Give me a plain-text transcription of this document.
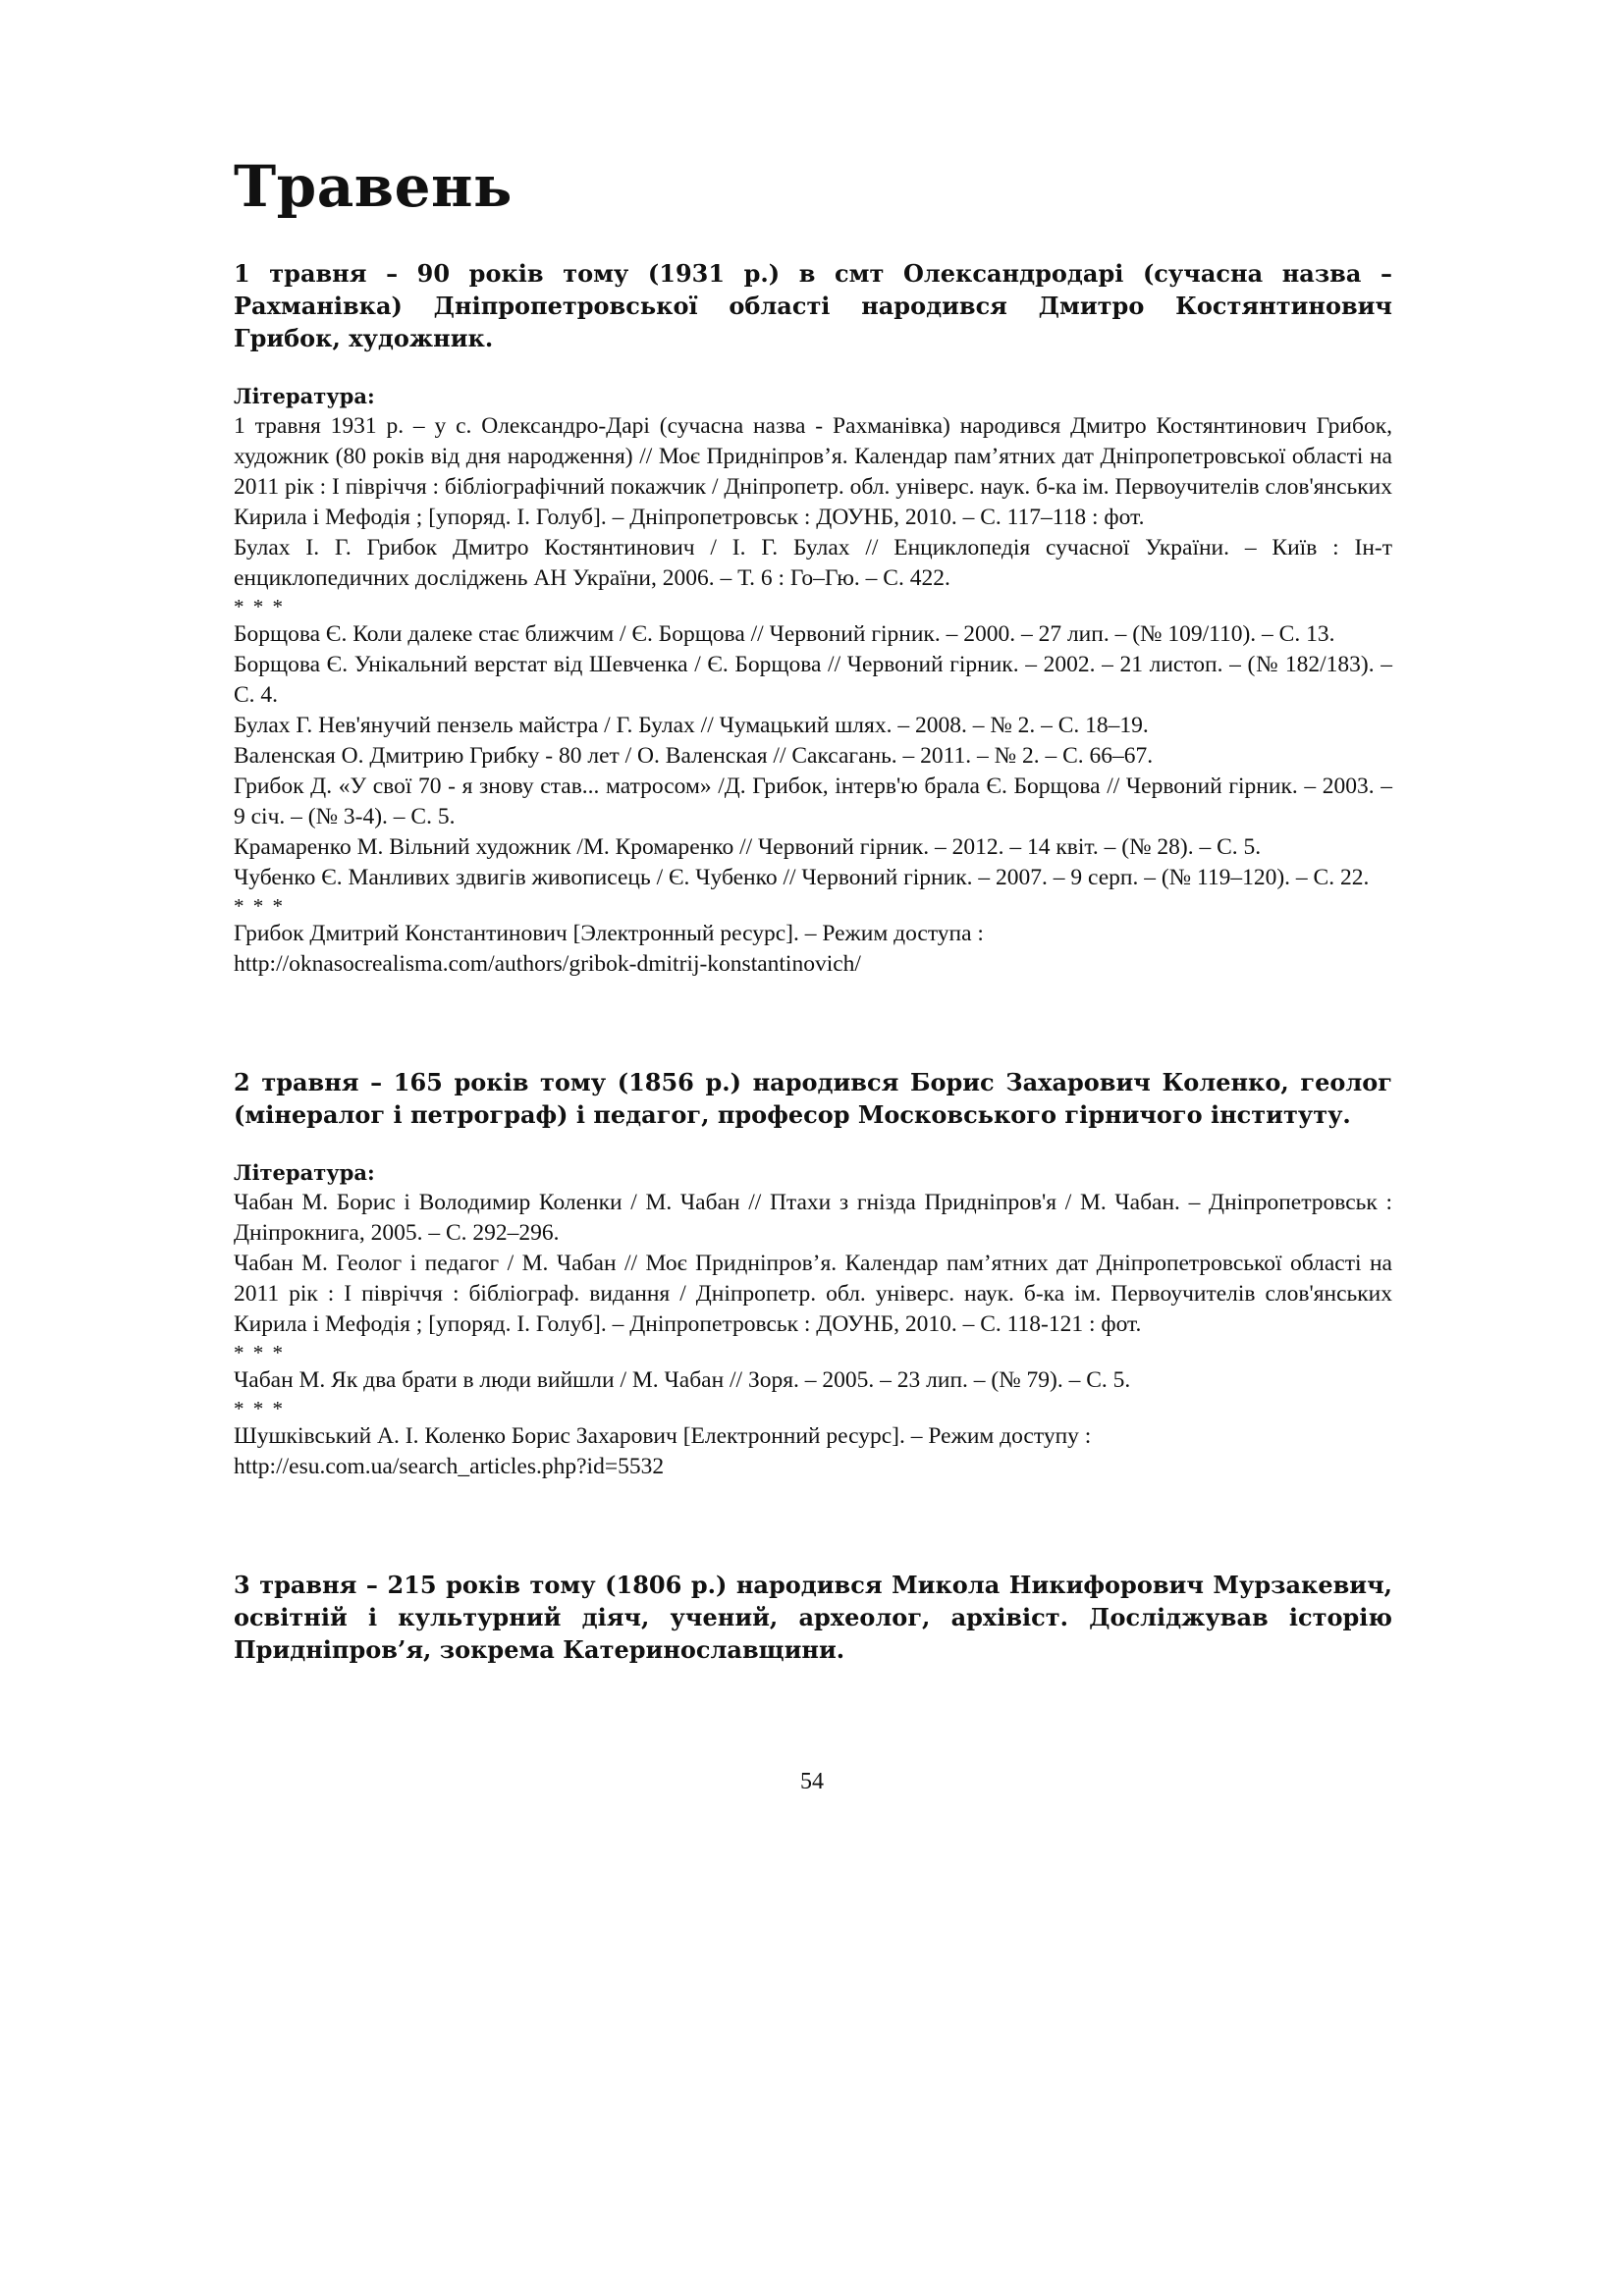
Травень

1 травня – 90 років тому (1931 р.) в смт Олександродарі (сучасна назва – Рахманівка) Дніпропетровської області народився Дмитро Костянтинович Грибок, художник.

Література:

1 травня 1931 р. – у с. Олександро-Дарі (сучасна назва - Рахманівка) народився Дмитро Костянтинович Грибок, художник (80 років від дня народження) // Моє Придніпров’я. Календар пам’ятних дат Дніпропетровської області на 2011 рік : І півріччя : бібліографічний покажчик / Дніпропетр. обл. універс. наук. б-ка ім. Первоучителів слов'янських Кирила і Мефодія ; [упоряд. І. Голуб]. – Дніпропетровськ : ДОУНБ, 2010. – С. 117–118 : фот.

Булах І. Г. Грибок Дмитро Костянтинович / І. Г. Булах // Енциклопедія сучасної України. – Київ : Ін-т енциклопедичних досліджень АН України, 2006. – Т. 6 : Го–Гю. – С. 422.

* * *

Борщова Є. Коли далеке стає ближчим / Є. Борщова // Червоний гірник. – 2000. – 27 лип. – (№ 109/110). – С. 13.

Борщова Є. Унікальний верстат від Шевченка / Є. Борщова // Червоний гірник. – 2002. – 21 листоп. – (№ 182/183). – С. 4.

Булах Г. Нев'янучий пензель майстра / Г. Булах // Чумацький шлях. – 2008. – № 2. – С. 18–19.

Валенская О. Дмитрию Грибку - 80 лет / О. Валенская // Саксагань. – 2011. – № 2. – С. 66–67.

Грибок Д. «У свої 70 - я знову став... матросом» /Д. Грибок, інтерв'ю брала Є. Борщова // Червоний гірник. – 2003. – 9 січ. – (№ 3-4). – С. 5.

Крамаренко М. Вільний художник /М. Кромаренко // Червоний гірник. – 2012. – 14 квіт. – (№ 28). – С. 5.

Чубенко Є. Манливих здвигів живописець / Є. Чубенко // Червоний гірник. – 2007. – 9 серп. – (№ 119–120). – С. 22.

* * *

Грибок Дмитрий Константинович [Электронный ресурс]. – Режим доступа :

http://oknasocrealisma.com/authors/gribok-dmitrij-konstantinovich/

2 травня – 165 років тому (1856 р.) народився Борис Захарович Коленко, геолог (мінералог і петрограф) і педагог, професор Московського гірничого інституту.

Література:

Чабан М. Борис і Володимир Коленки / М. Чабан // Птахи з гнізда Придніпров'я / М. Чабан. – Дніпропетровськ : Дніпрокнига, 2005. – С. 292–296.

Чабан М. Геолог і педагог / М. Чабан // Моє Придніпров’я. Календар пам’ятних дат Дніпропетровської області на 2011 рік : І півріччя : бібліограф. видання / Дніпропетр. обл. універс. наук. б-ка ім. Первоучителів слов'янських Кирила і Мефодія ; [упоряд. І. Голуб]. – Дніпропетровськ : ДОУНБ, 2010. – С. 118-121 : фот.

* * *

Чабан М. Як два брати в люди вийшли / М. Чабан // Зоря. – 2005. – 23 лип. – (№ 79). – С. 5.

* * *

Шушківський А. І. Коленко Борис Захарович [Електронний ресурс]. – Режим доступу :

http://esu.com.ua/search_articles.php?id=5532

3 травня – 215 років тому (1806 р.) народився Микола Никифорович Мурзакевич, освітній і культурний діяч, учений, археолог, архівіст. Досліджував історію Придніпров’я, зокрема Катеринославщини.

54
